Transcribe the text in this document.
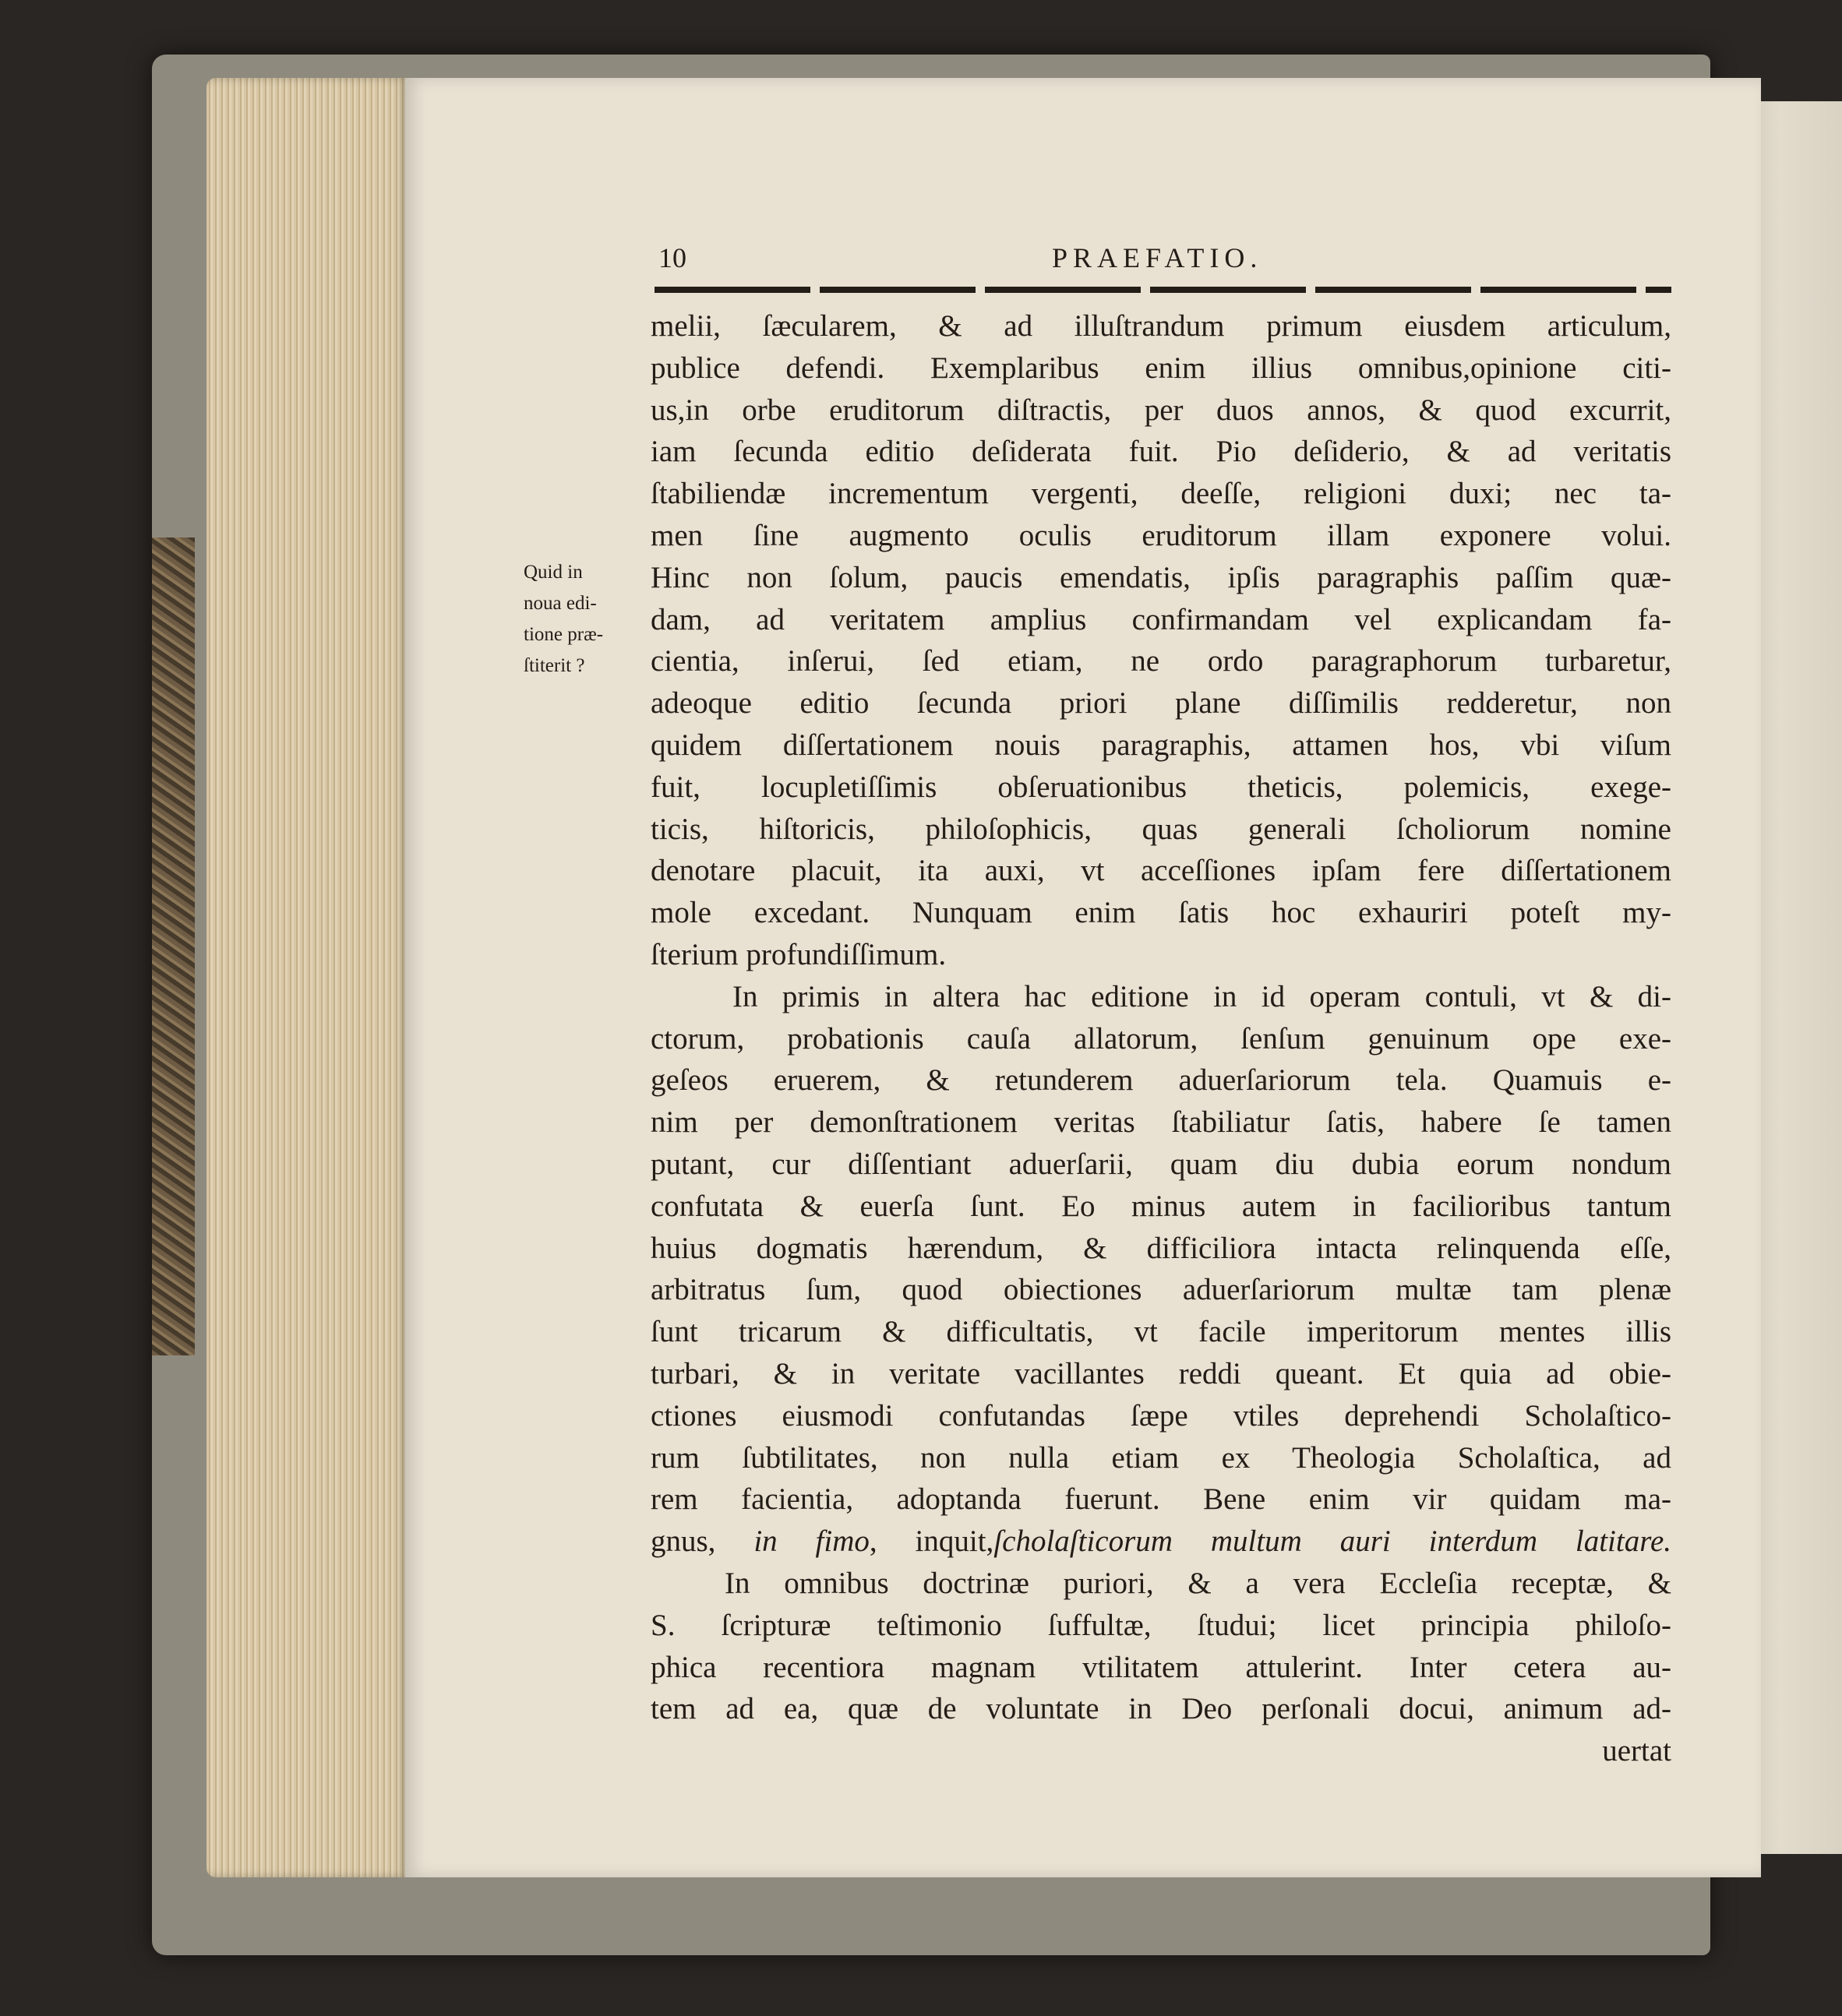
10	PRAEFATIO.
Quid in
noua edi-
tione præ-
ſtiterit ?
melii, ſæcularem, & ad illuſtrandum primum eiusdem articulum,
publice defendi. Exemplaribus enim illius omnibus,opinione citi-
us,in orbe eruditorum diſtractis, per duos annos, & quod excurrit,
iam ſecunda editio deſiderata fuit. Pio deſiderio, & ad veritatis
ſtabiliendæ incrementum vergenti, deeſſe, religioni duxi; nec ta-
men ſine augmento oculis eruditorum illam exponere volui.
Hinc non ſolum, paucis emendatis, ipſis paragraphis paſſim quæ-
dam, ad veritatem amplius confirmandam vel explicandam fa-
cientia, inſerui, ſed etiam, ne ordo paragraphorum turbaretur,
adeoque editio ſecunda priori plane diſſimilis redderetur, non
quidem diſſertationem nouis paragraphis, attamen hos, vbi viſum
fuit, locupletiſſimis obſeruationibus theticis, polemicis, exege-
ticis, hiſtoricis, philoſophicis, quas generali ſcholiorum nomine
denotare placuit, ita auxi, vt acceſſiones ipſam fere diſſertationem
mole excedant. Nunquam enim ſatis hoc exhauriri poteſt my-
ſterium profundiſſimum.
In primis in altera hac editione in id operam contuli, vt & di-
ctorum, probationis cauſa allatorum, ſenſum genuinum ope exe-
geſeos eruerem, & retunderem aduerſariorum tela. Quamuis e-
nim per demonſtrationem veritas ſtabiliatur ſatis, habere ſe tamen
putant, cur diſſentiant aduerſarii, quam diu dubia eorum nondum
confutata & euerſa ſunt. Eo minus autem in facilioribus tantum
huius dogmatis hærendum, & difficiliora intacta relinquenda eſſe,
arbitratus ſum, quod obiectiones aduerſariorum multæ tam plenæ
ſunt tricarum & difficultatis, vt facile imperitorum mentes illis
turbari, & in veritate vacillantes reddi queant. Et quia ad obie-
ctiones eiusmodi confutandas ſæpe vtiles deprehendi Scholaſtico-
rum ſubtilitates, non nulla etiam ex Theologia Scholaſtica, ad
rem facientia, adoptanda fuerunt. Bene enim vir quidam ma-
gnus, in fimo, inquit,ſcholaſticorum multum auri interdum latitare.
In omnibus doctrinæ puriori, & a vera Eccleſia receptæ, &
S. ſcripturæ teſtimonio ſuffultæ, ſtudui; licet principia philoſo-
phica recentiora magnam vtilitatem attulerint. Inter cetera au-
tem ad ea, quæ de voluntate in Deo perſonali docui, animum ad-
uertat
